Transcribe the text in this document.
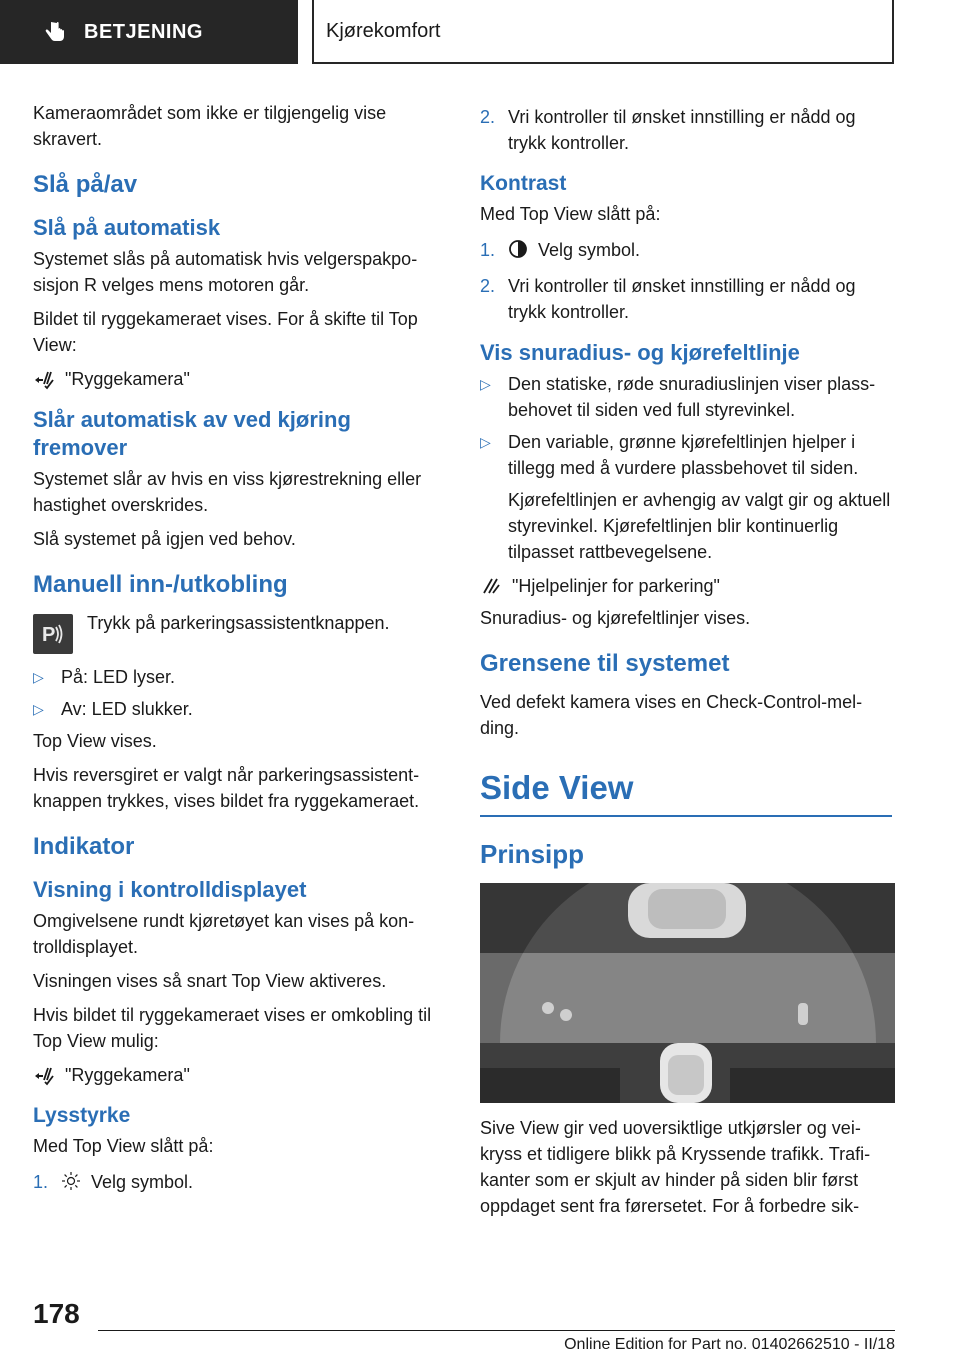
BETJENING	Kjørekomfort

Kameraområdet som ikke er tilgjengelig vise skravert.

Slå på/av
Slå på automatisk

Systemet slås på automatisk hvis velgerspakposisjon R velges mens motoren går.

Bildet til ryggekameraet vises. For å skifte til Top View:

"Ryggekamera"
Slår automatisk av ved kjøring fremover

Systemet slår av hvis en viss kjørestrekning eller hastighet overskrides.

Slå systemet på igjen ved behov.

Manuell inn-/utkobling
P
Trykk på parkeringsassistentknappen.
▷ På: LED lyser.
▷ Av: LED slukker.

Top View vises.

Hvis reversgiret er valgt når parkeringsassistentknappen trykkes, vises bildet fra ryggekameraet.

Indikator
Visning i kontrolldisplayet

Omgivelsene rundt kjøretøyet kan vises på kontrolldisplayet.

Visningen vises så snart Top View aktiveres.

Hvis bildet til ryggekameraet vises er omkobling til Top View mulig:

"Ryggekamera"
Lysstyrke

Med Top View slått på:

1.	Velg symbol.
2. Vri kontroller til ønsket innstilling er nådd og trykk kontroller.
Kontrast

Med Top View slått på:

1.	Velg symbol.
2. Vri kontroller til ønsket innstilling er nådd og trykk kontroller.
Vis snuradius- og kjørefeltlinje
▷ Den statiske, røde snuradiuslinjen viser plassbehovet til siden ved full styrevinkel.
▷ Den variable, grønne kjørefeltlinjen hjelper i tillegg med å vurdere plassbehovet til siden.

Kjørefeltlinjen er avhengig av valgt gir og aktuell styrevinkel. Kjørefeltlinjen blir kontinuerlig tilpasset rattbevegelsene.

"Hjelpelinjer for parkering"

Snuradius- og kjørefeltlinjer vises.

Grensene til systemet

Ved defekt kamera vises en Check-Control-melding.

Side View
Prinsipp

Sive View gir ved uoversiktlige utkjørsler og veikryss et tidligere blikk på Kryssende trafikk. Trafikanter som er skjult av hinder på siden blir først oppdaget sent fra førersetet. For å forbedre sik-

178
Online Edition for Part no. 01402662510 - II/18
